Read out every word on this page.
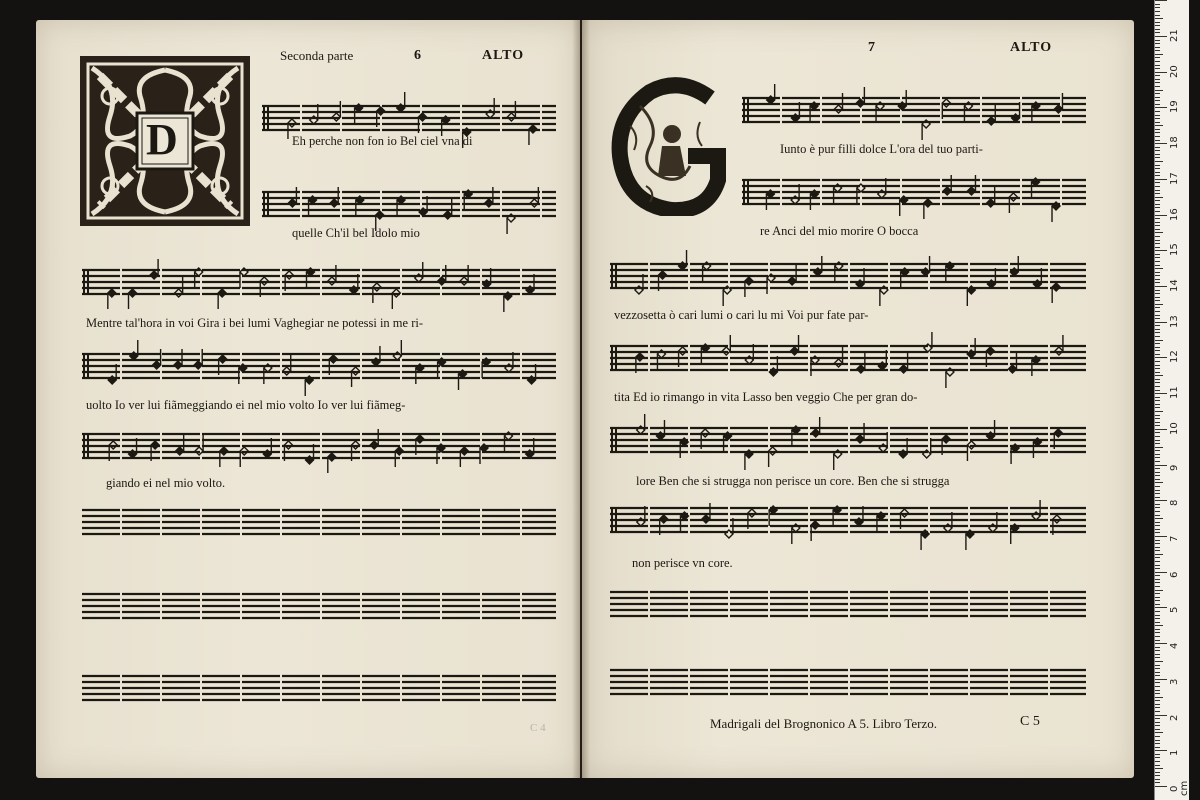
D
Seconda parte	6	ALTO
Eh perche non fon io Bel ciel vna di
quelle Ch'il bel Idolo mio
Mentre tal'hora in voi Gira i bei lumi Vaghegiar ne potessi in me ri-
uolto Io ver lui fiãmeggiando ei nel mio volto Io ver lui fiãmeg-
giando ei nel mio volto.
C 4
7	ALTO
Iunto è pur filli dolce L'ora del tuo parti-
re Anci del mio morire O bocca
vezzosetta ò cari lumi o cari lu mi Voi pur fate par-
tita Ed io rimango in vita Lasso ben veggio Che per gran do-
lore Ben che si strugga non perisce un core. Ben che si strugga
non perisce vn core.
Madrigali del Brognonico A 5. Libro Terzo.	C 5
0
1
2
3
4
5
6
7
8
9
10
11
12
13
14
15
16
17
18
19
20
21
cm
